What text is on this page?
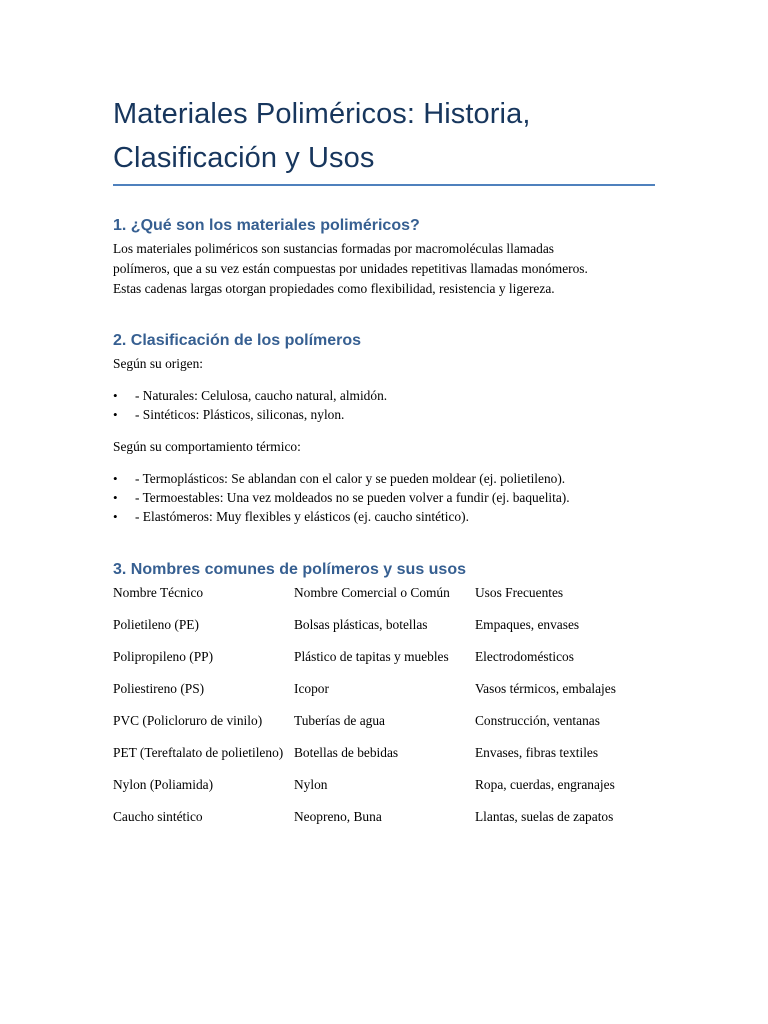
Materiales Poliméricos: Historia, Clasificación y Usos
1. ¿Qué son los materiales poliméricos?

Los materiales poliméricos son sustancias formadas por macromoléculas llamadas

polímeros, que a su vez están compuestas por unidades repetitivas llamadas monómeros.

Estas cadenas largas otorgan propiedades como flexibilidad, resistencia y ligereza.

2. Clasificación de los polímeros

Según su origen:

• - Naturales: Celulosa, caucho natural, almidón.
• - Sintéticos: Plásticos, siliconas, nylon.

Según su comportamiento térmico:

• - Termoplásticos: Se ablandan con el calor y se pueden moldear (ej. polietileno).
• - Termoestables: Una vez moldeados no se pueden volver a fundir (ej. baquelita).
• - Elastómeros: Muy flexibles y elásticos (ej. caucho sintético).
3. Nombres comunes de polímeros y sus usos
Nombre Técnico	Nombre Comercial o Común	Usos Frecuentes
Polietileno (PE)	Bolsas plásticas, botellas	Empaques, envases
Polipropileno (PP)	Plástico de tapitas y muebles	Electrodomésticos
Poliestireno (PS)	Icopor	Vasos térmicos, embalajes
PVC (Policloruro de vinilo)	Tuberías de agua	Construcción, ventanas
PET (Tereftalato de polietileno)	Botellas de bebidas	Envases, fibras textiles
Nylon (Poliamida)	Nylon	Ropa, cuerdas, engranajes
Caucho sintético	Neopreno, Buna	Llantas, suelas de zapatos
